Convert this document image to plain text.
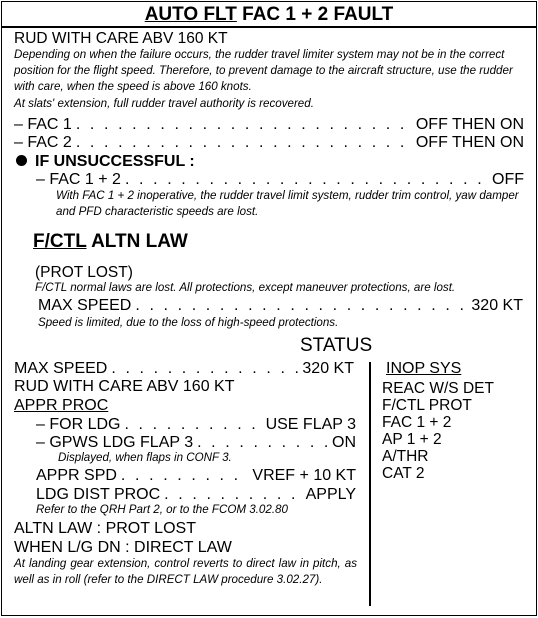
AUTO FLT FAC 1 + 2 FAULT
RUD WITH CARE ABV 160 KT
Depending on when the failure occurs, the rudder travel limiter system may not be in the correct position for the flight speed. Therefore, to prevent damage to the aircraft structure, use the rudder with care, when the speed is above 160 knots.
At slats' extension, full rudder travel authority is recovered.
– FAC 1 . . .	OFF THEN ON
– FAC 2 . . .	OFF THEN ON
IF UNSUCCESSFUL :
– FAC 1 + 2 . . .	OFF
With FAC 1 + 2 inoperative, the rudder travel limit system, rudder trim control, yaw damper and PFD characteristic speeds are lost.
F/CTL ALTN LAW
(PROT LOST)
F/CTL normal laws are lost. All protections, except maneuver protections, are lost.
MAX SPEED . . .	320 KT
Speed is limited, due to the loss of high-speed protections.
STATUS
MAX SPEED . . .	320 KT
RUD WITH CARE ABV 160 KT
APPR PROC
– FOR LDG . . .	USE FLAP 3
– GPWS LDG FLAP 3 . . .	ON
Displayed, when flaps in CONF 3.
APPR SPD . . .	VREF + 10 KT
LDG DIST PROC . . .	APPLY
Refer to the QRH Part 2, or to the FCOM 3.02.80
ALTN LAW : PROT LOST
WHEN L/G DN : DIRECT LAW
At landing gear extension, control reverts to direct law in pitch, as well as in roll (refer to the DIRECT LAW procedure 3.02.27).
INOP SYS
REAC W/S DET
F/CTL PROT
FAC 1 + 2
AP 1 + 2
A/THR
CAT 2
